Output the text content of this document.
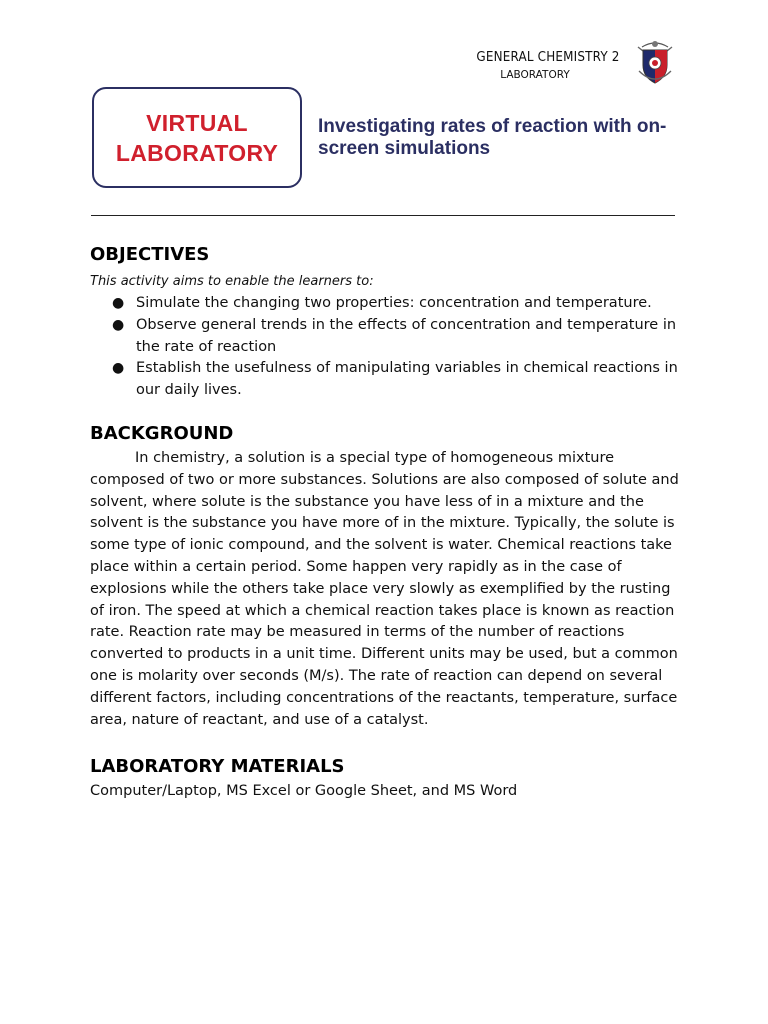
GENERAL CHEMISTRY 2
LABORATORY
VIRTUAL
LABORATORY
Investigating rates of reaction with on-screen simulations
OBJECTIVES

This activity aims to enable the learners to:

● Simulate the changing two properties: concentration and temperature.
● Observe general trends in the effects of concentration and temperature in the rate of reaction
● Establish the usefulness of manipulating variables in chemical reactions in our daily lives.
BACKGROUND

In chemistry, a solution is a special type of homogeneous mixture composed of two or more substances. Solutions are also composed of solute and solvent, where solute is the substance you have less of in a mixture and the solvent is the substance you have more of in the mixture. Typically, the solute is some type of ionic compound, and the solvent is water. Chemical reactions take place within a certain period. Some happen very rapidly as in the case of explosions while the others take place very slowly as exemplified by the rusting of iron. The speed at which a chemical reaction takes place is known as reaction rate. Reaction rate may be measured in terms of the number of reactions converted to products in a unit time. Different units may be used, but a common one is molarity over seconds (M/s). The rate of reaction can depend on several different factors, including concentrations of the reactants, temperature, surface area, nature of reactant, and use of a catalyst.

LABORATORY MATERIALS

Computer/Laptop, MS Excel or Google Sheet, and MS Word
